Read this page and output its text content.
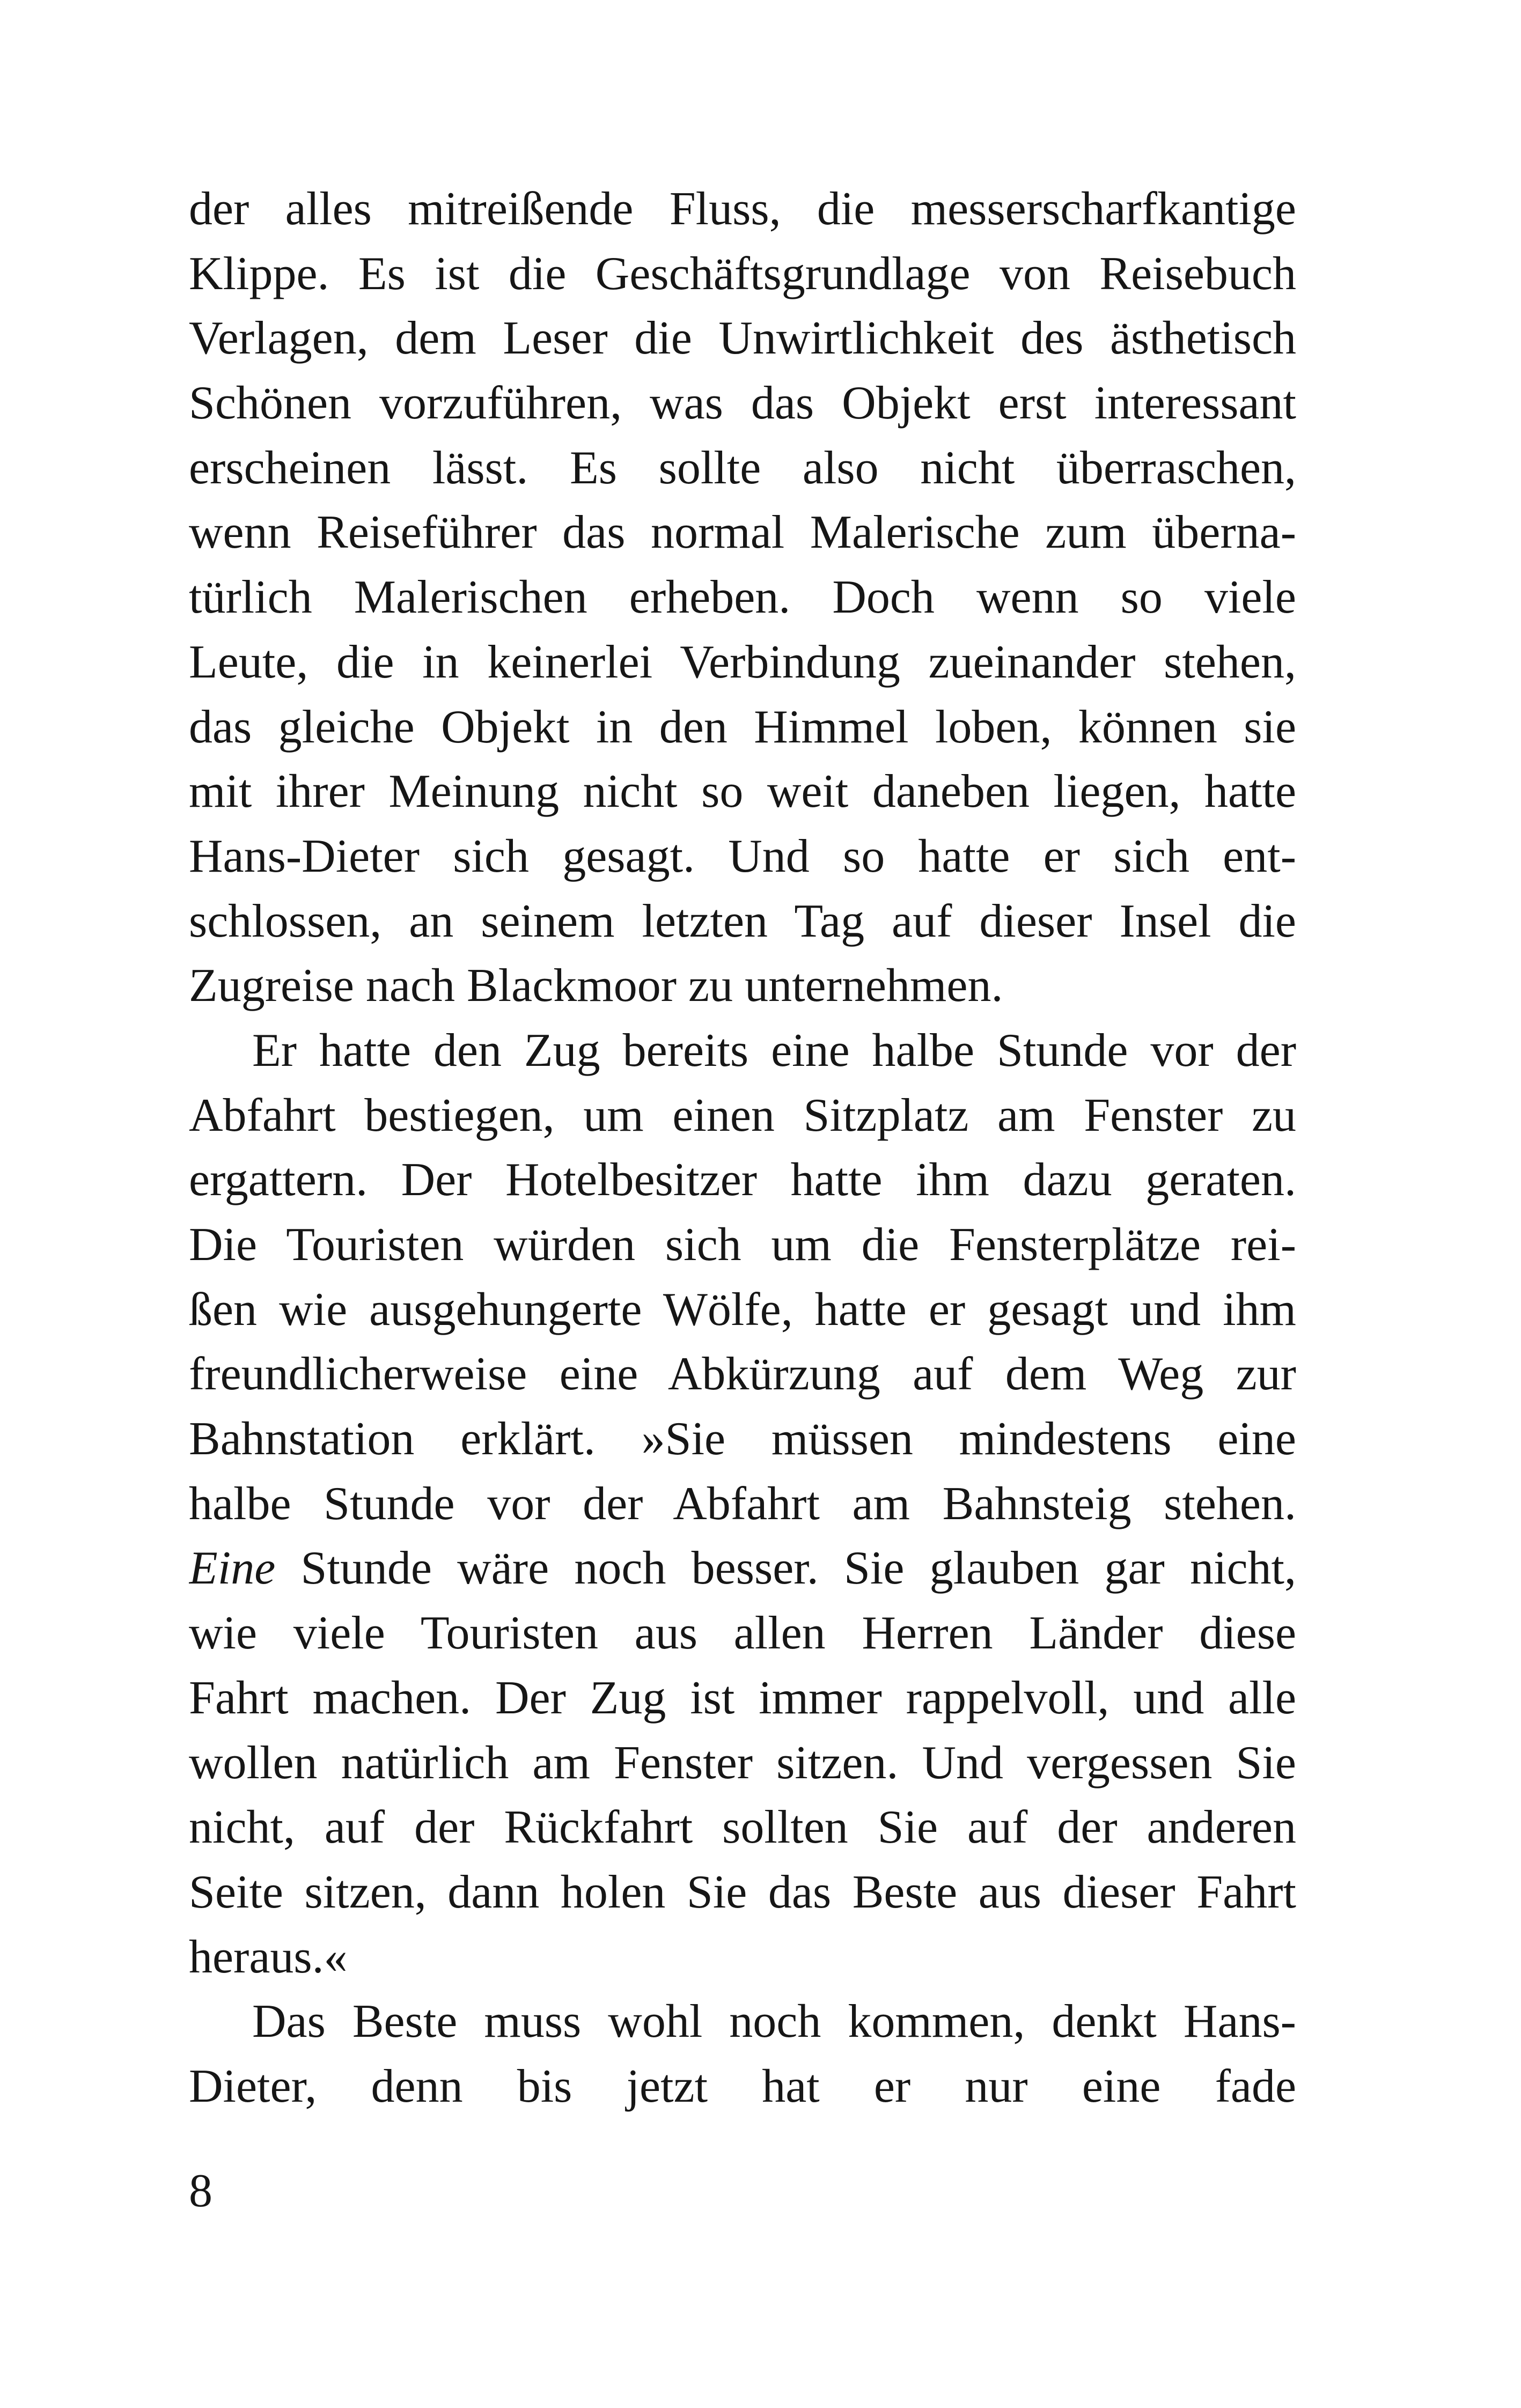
der alles mitreißende Fluss, die messerscharfkantige
Klippe. Es ist die Geschäftsgrundlage von Reisebuch
Verlagen, dem Leser die Unwirtlichkeit des ästhetisch
Schönen vorzuführen, was das Objekt erst interessant
erscheinen lässt. Es sollte also nicht überraschen,
wenn Reiseführer das normal Malerische zum überna-
türlich Malerischen erheben. Doch wenn so viele
Leute, die in keinerlei Verbindung zueinander stehen,
das gleiche Objekt in den Himmel loben, können sie
mit ihrer Meinung nicht so weit daneben liegen, hatte
Hans-Dieter sich gesagt. Und so hatte er sich ent-
schlossen, an seinem letzten Tag auf dieser Insel die
Zugreise nach Blackmoor zu unternehmen.
Er hatte den Zug bereits eine halbe Stunde vor der
Abfahrt bestiegen, um einen Sitzplatz am Fenster zu
ergattern. Der Hotelbesitzer hatte ihm dazu geraten.
Die Touristen würden sich um die Fensterplätze rei-
ßen wie ausgehungerte Wölfe, hatte er gesagt und ihm
freundlicherweise eine Abkürzung auf dem Weg zur
Bahnstation erklärt. »Sie müssen mindestens eine
halbe Stunde vor der Abfahrt am Bahnsteig stehen.
Eine Stunde wäre noch besser. Sie glauben gar nicht,
wie viele Touristen aus allen Herren Länder diese
Fahrt machen. Der Zug ist immer rappelvoll, und alle
wollen natürlich am Fenster sitzen. Und vergessen Sie
nicht, auf der Rückfahrt sollten Sie auf der anderen
Seite sitzen, dann holen Sie das Beste aus dieser Fahrt
heraus.«
Das Beste muss wohl noch kommen, denkt Hans-
Dieter, denn bis jetzt hat er nur eine fade
8
